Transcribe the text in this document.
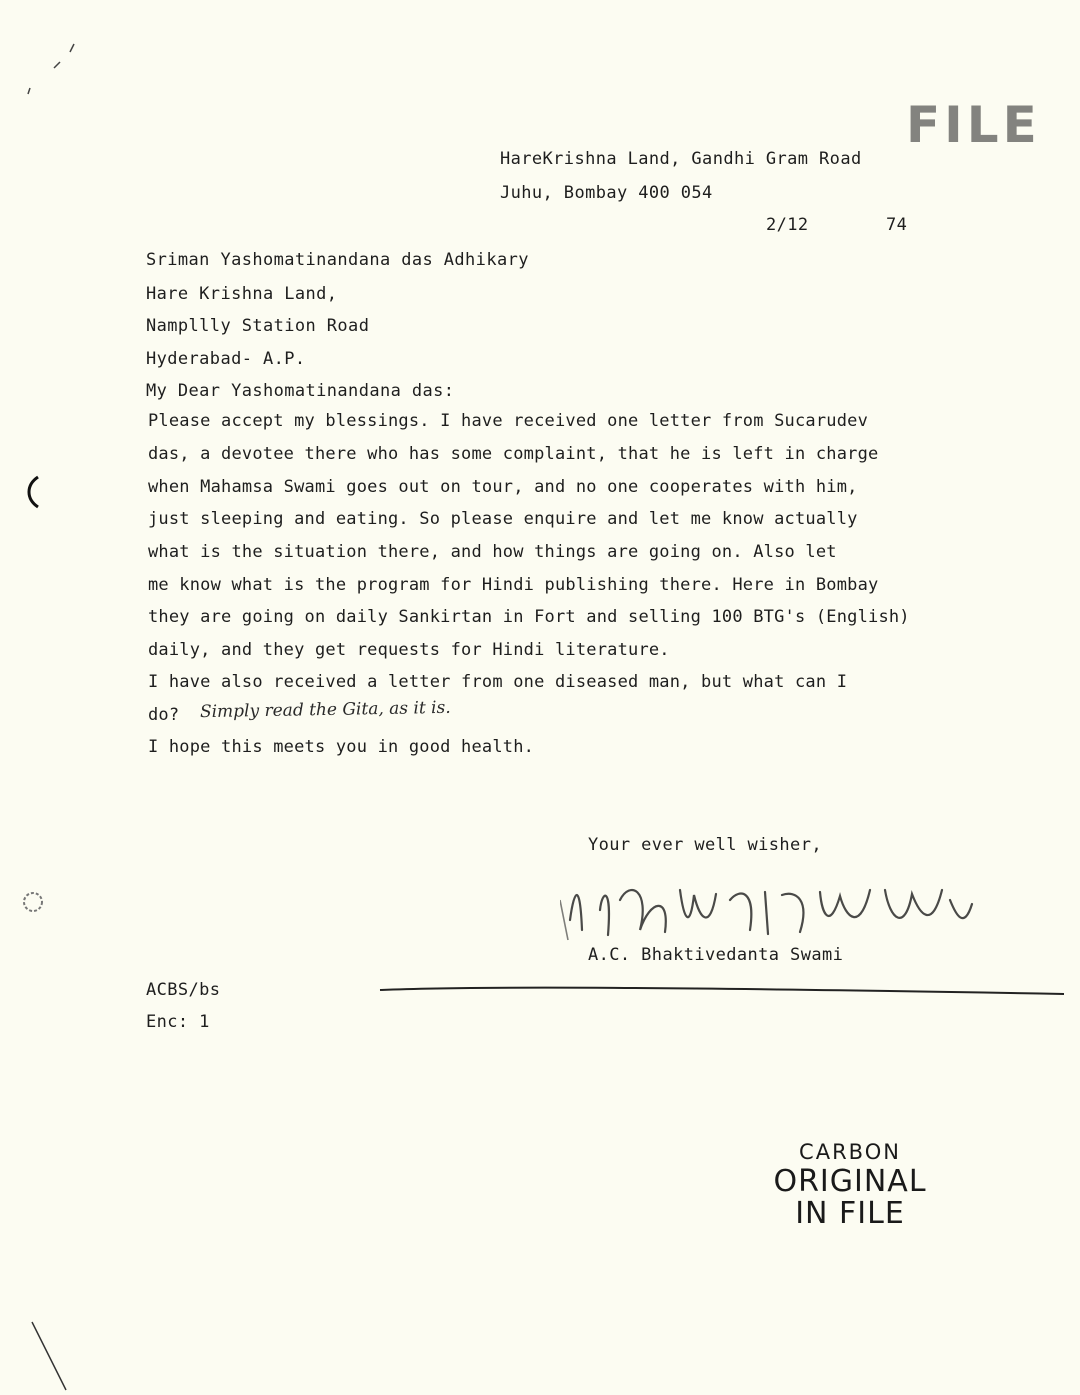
HareKrishna Land, Gandhi Gram Road
Juhu, Bombay 400 054
FILE
2/12	74
Sriman Yashomatinandana das Adhikary
Hare Krishna Land,
Nampllly Station Road
Hyderabad- A.P.
My Dear Yashomatinandana das:
Please accept my blessings. I have received one letter from Sucarudev
das, a devotee there who has some complaint, that he is left in charge
when Mahamsa Swami goes out on tour, and no one cooperates with him,
just sleeping and eating. So please enquire and let me know actually
what is the situation there, and how things are going on. Also let
me know what is the program for Hindi publishing there. Here in Bombay
they are going on daily Sankirtan in Fort and selling 100 BTG's (English)
daily, and they get requests for Hindi literature.
I have also received a letter from one diseased man, but what can I
do? Simply read the Gita, as it is.
I hope this meets you in good health.
Your ever well wisher,
A.C. Bhaktivedanta Swami
ACBS/bs
Enc: 1
CARBON
ORIGINAL
IN FILE
